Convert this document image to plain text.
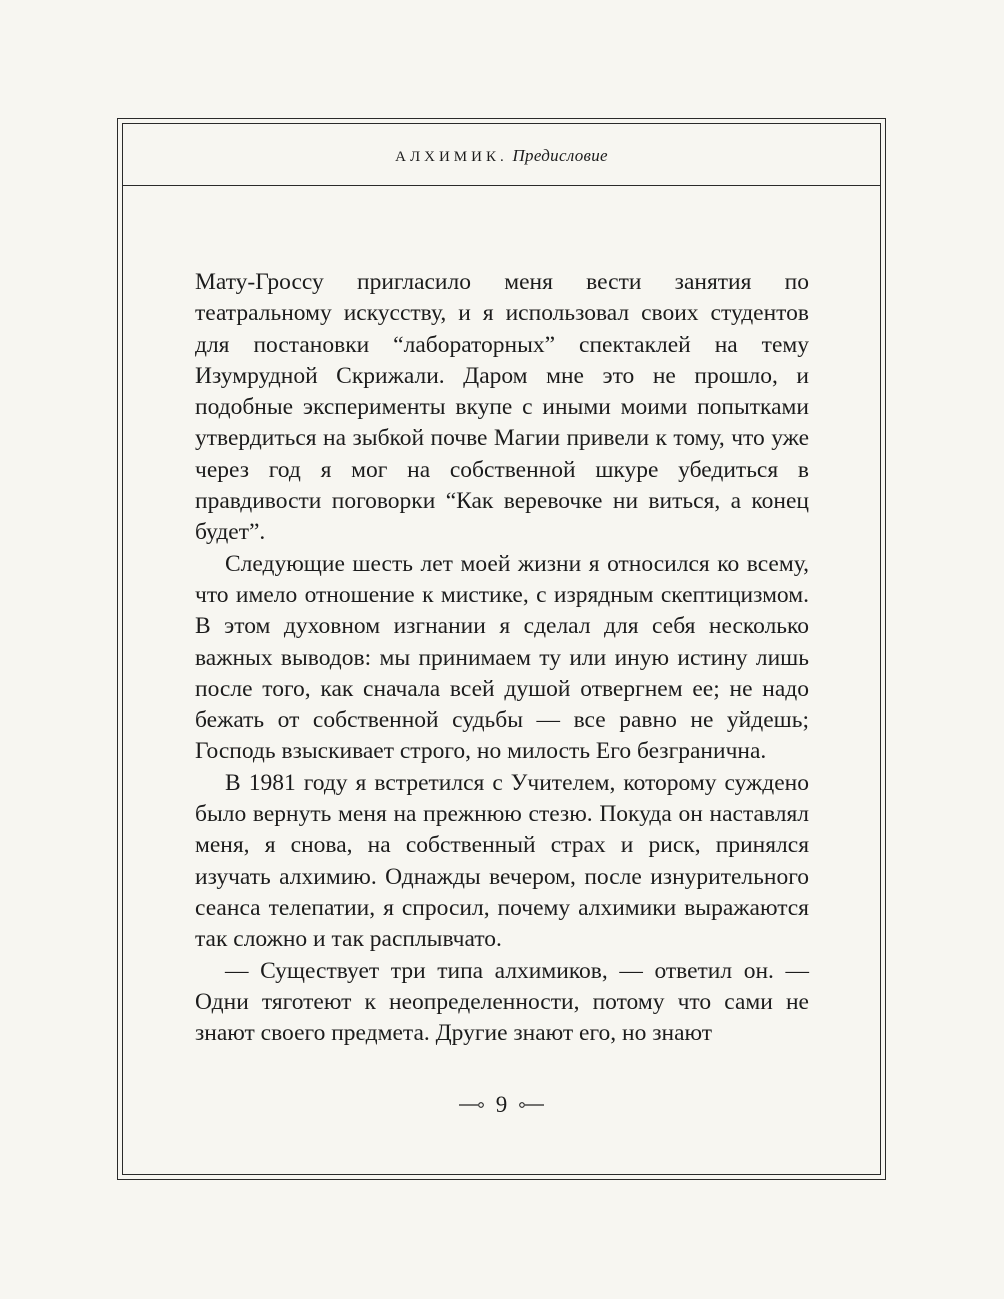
АЛХИМИК. Предисловие

Мату-Гроссу пригласило меня вести занятия по театральному искусству, и я использовал своих студентов для постановки “лабораторных” спектаклей на тему Изумрудной Скрижали. Даром мне это не прошло, и подобные эксперименты вкупе с иными моими попытками утвердиться на зыбкой почве Магии привели к тому, что уже через год я мог на собственной шкуре убедиться в правдивости поговорки “Как веревочке ни виться, а конец будет”.

Следующие шесть лет моей жизни я относился ко всему, что имело отношение к мистике, с изрядным скептицизмом. В этом духовном изгнании я сделал для себя несколько важных выводов: мы принимаем ту или иную истину лишь после того, как сначала всей душой отвергнем ее; не надо бежать от собственной судьбы — все равно не уйдешь; Господь взыскивает строго, но милость Его безгранична.

В 1981 году я встретился с Учителем, которому суждено было вернуть меня на прежнюю стезю. Покуда он наставлял меня, я снова, на собственный страх и риск, принялся изучать алхимию. Однажды вечером, после изнурительного сеанса телепатии, я спросил, почему алхимики выражаются так сложно и так расплывчато.

— Существует три типа алхимиков, — ответил он. — Одни тяготеют к неопределенности, потому что сами не знают своего предмета. Другие знают его, но знают

9
